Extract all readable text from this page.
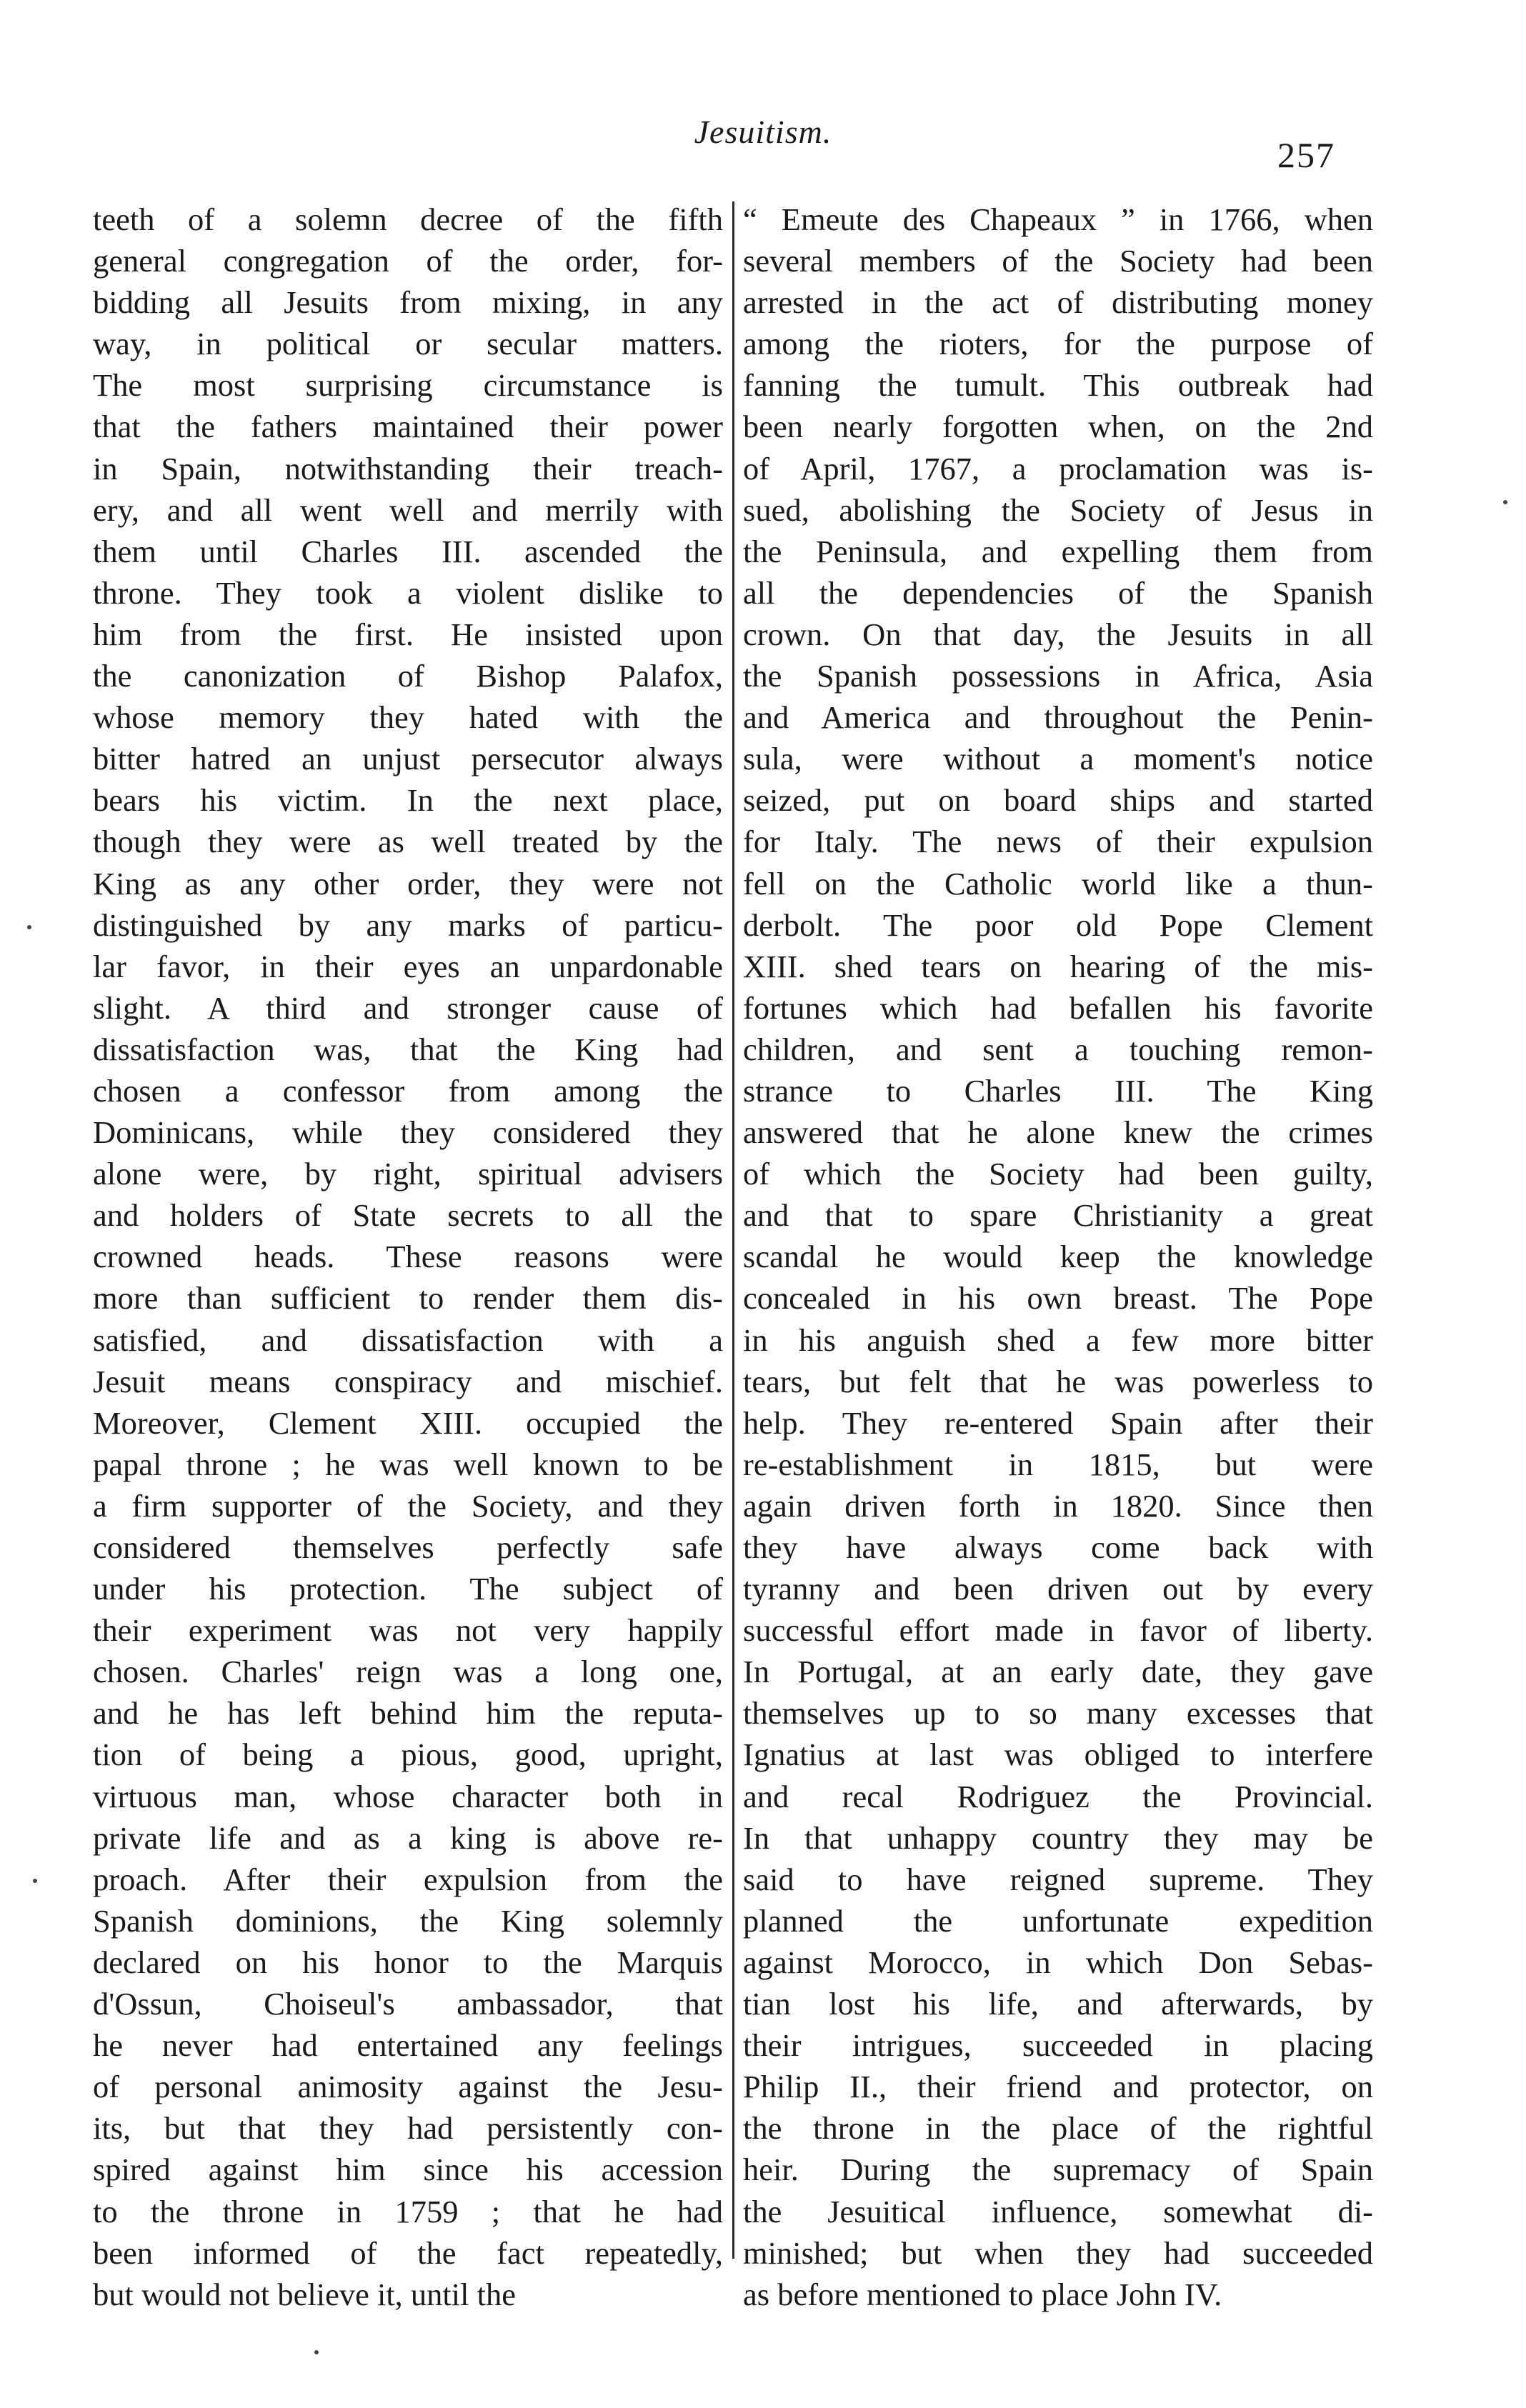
Jesuitism.
257
teeth of a solemn decree of the fifth
general congregation of the order, for-
bidding all Jesuits from mixing, in any
way, in political or secular matters.
The most surprising circumstance is
that the fathers maintained their power
in Spain, notwithstanding their treach-
ery, and all went well and merrily with
them until Charles III. ascended the
throne. They took a violent dislike to
him from the first. He insisted upon
the canonization of Bishop Palafox,
whose memory they hated with the
bitter hatred an unjust persecutor always
bears his victim. In the next place,
though they were as well treated by the
King as any other order, they were not
distinguished by any marks of particu-
lar favor, in their eyes an unpardonable
slight. A third and stronger cause of
dissatisfaction was, that the King had
chosen a confessor from among the
Dominicans, while they considered they
alone were, by right, spiritual advisers
and holders of State secrets to all the
crowned heads. These reasons were
more than sufficient to render them dis-
satisfied, and dissatisfaction with a
Jesuit means conspiracy and mischief.
Moreover, Clement XIII. occupied the
papal throne ; he was well known to be
a firm supporter of the Society, and they
considered themselves perfectly safe
under his protection. The subject of
their experiment was not very happily
chosen. Charles' reign was a long one,
and he has left behind him the reputa-
tion of being a pious, good, upright,
virtuous man, whose character both in
private life and as a king is above re-
proach. After their expulsion from the
Spanish dominions, the King solemnly
declared on his honor to the Marquis
d'Ossun, Choiseul's ambassador, that
he never had entertained any feelings
of personal animosity against the Jesu-
its, but that they had persistently con-
spired against him since his accession
to the throne in 1759 ; that he had
been informed of the fact repeatedly,
but would not believe it, until the
“ Emeute des Chapeaux ” in 1766, when
several members of the Society had been
arrested in the act of distributing money
among the rioters, for the purpose of
fanning the tumult. This outbreak had
been nearly forgotten when, on the 2nd
of April, 1767, a proclamation was is-
sued, abolishing the Society of Jesus in
the Peninsula, and expelling them from
all the dependencies of the Spanish
crown. On that day, the Jesuits in all
the Spanish possessions in Africa, Asia
and America and throughout the Penin-
sula, were without a moment's notice
seized, put on board ships and started
for Italy. The news of their expulsion
fell on the Catholic world like a thun-
derbolt. The poor old Pope Clement
XIII. shed tears on hearing of the mis-
fortunes which had befallen his favorite
children, and sent a touching remon-
strance to Charles III. The King
answered that he alone knew the crimes
of which the Society had been guilty,
and that to spare Christianity a great
scandal he would keep the knowledge
concealed in his own breast. The Pope
in his anguish shed a few more bitter
tears, but felt that he was powerless to
help. They re-entered Spain after their
re-establishment in 1815, but were
again driven forth in 1820. Since then
they have always come back with
tyranny and been driven out by every
successful effort made in favor of liberty.
In Portugal, at an early date, they gave
themselves up to so many excesses that
Ignatius at last was obliged to interfere
and recal Rodriguez the Provincial.
In that unhappy country they may be
said to have reigned supreme. They
planned the unfortunate expedition
against Morocco, in which Don Sebas-
tian lost his life, and afterwards, by
their intrigues, succeeded in placing
Philip II., their friend and protector, on
the throne in the place of the rightful
heir. During the supremacy of Spain
the Jesuitical influence, somewhat di-
minished; but when they had succeeded
as before mentioned to place John IV.
